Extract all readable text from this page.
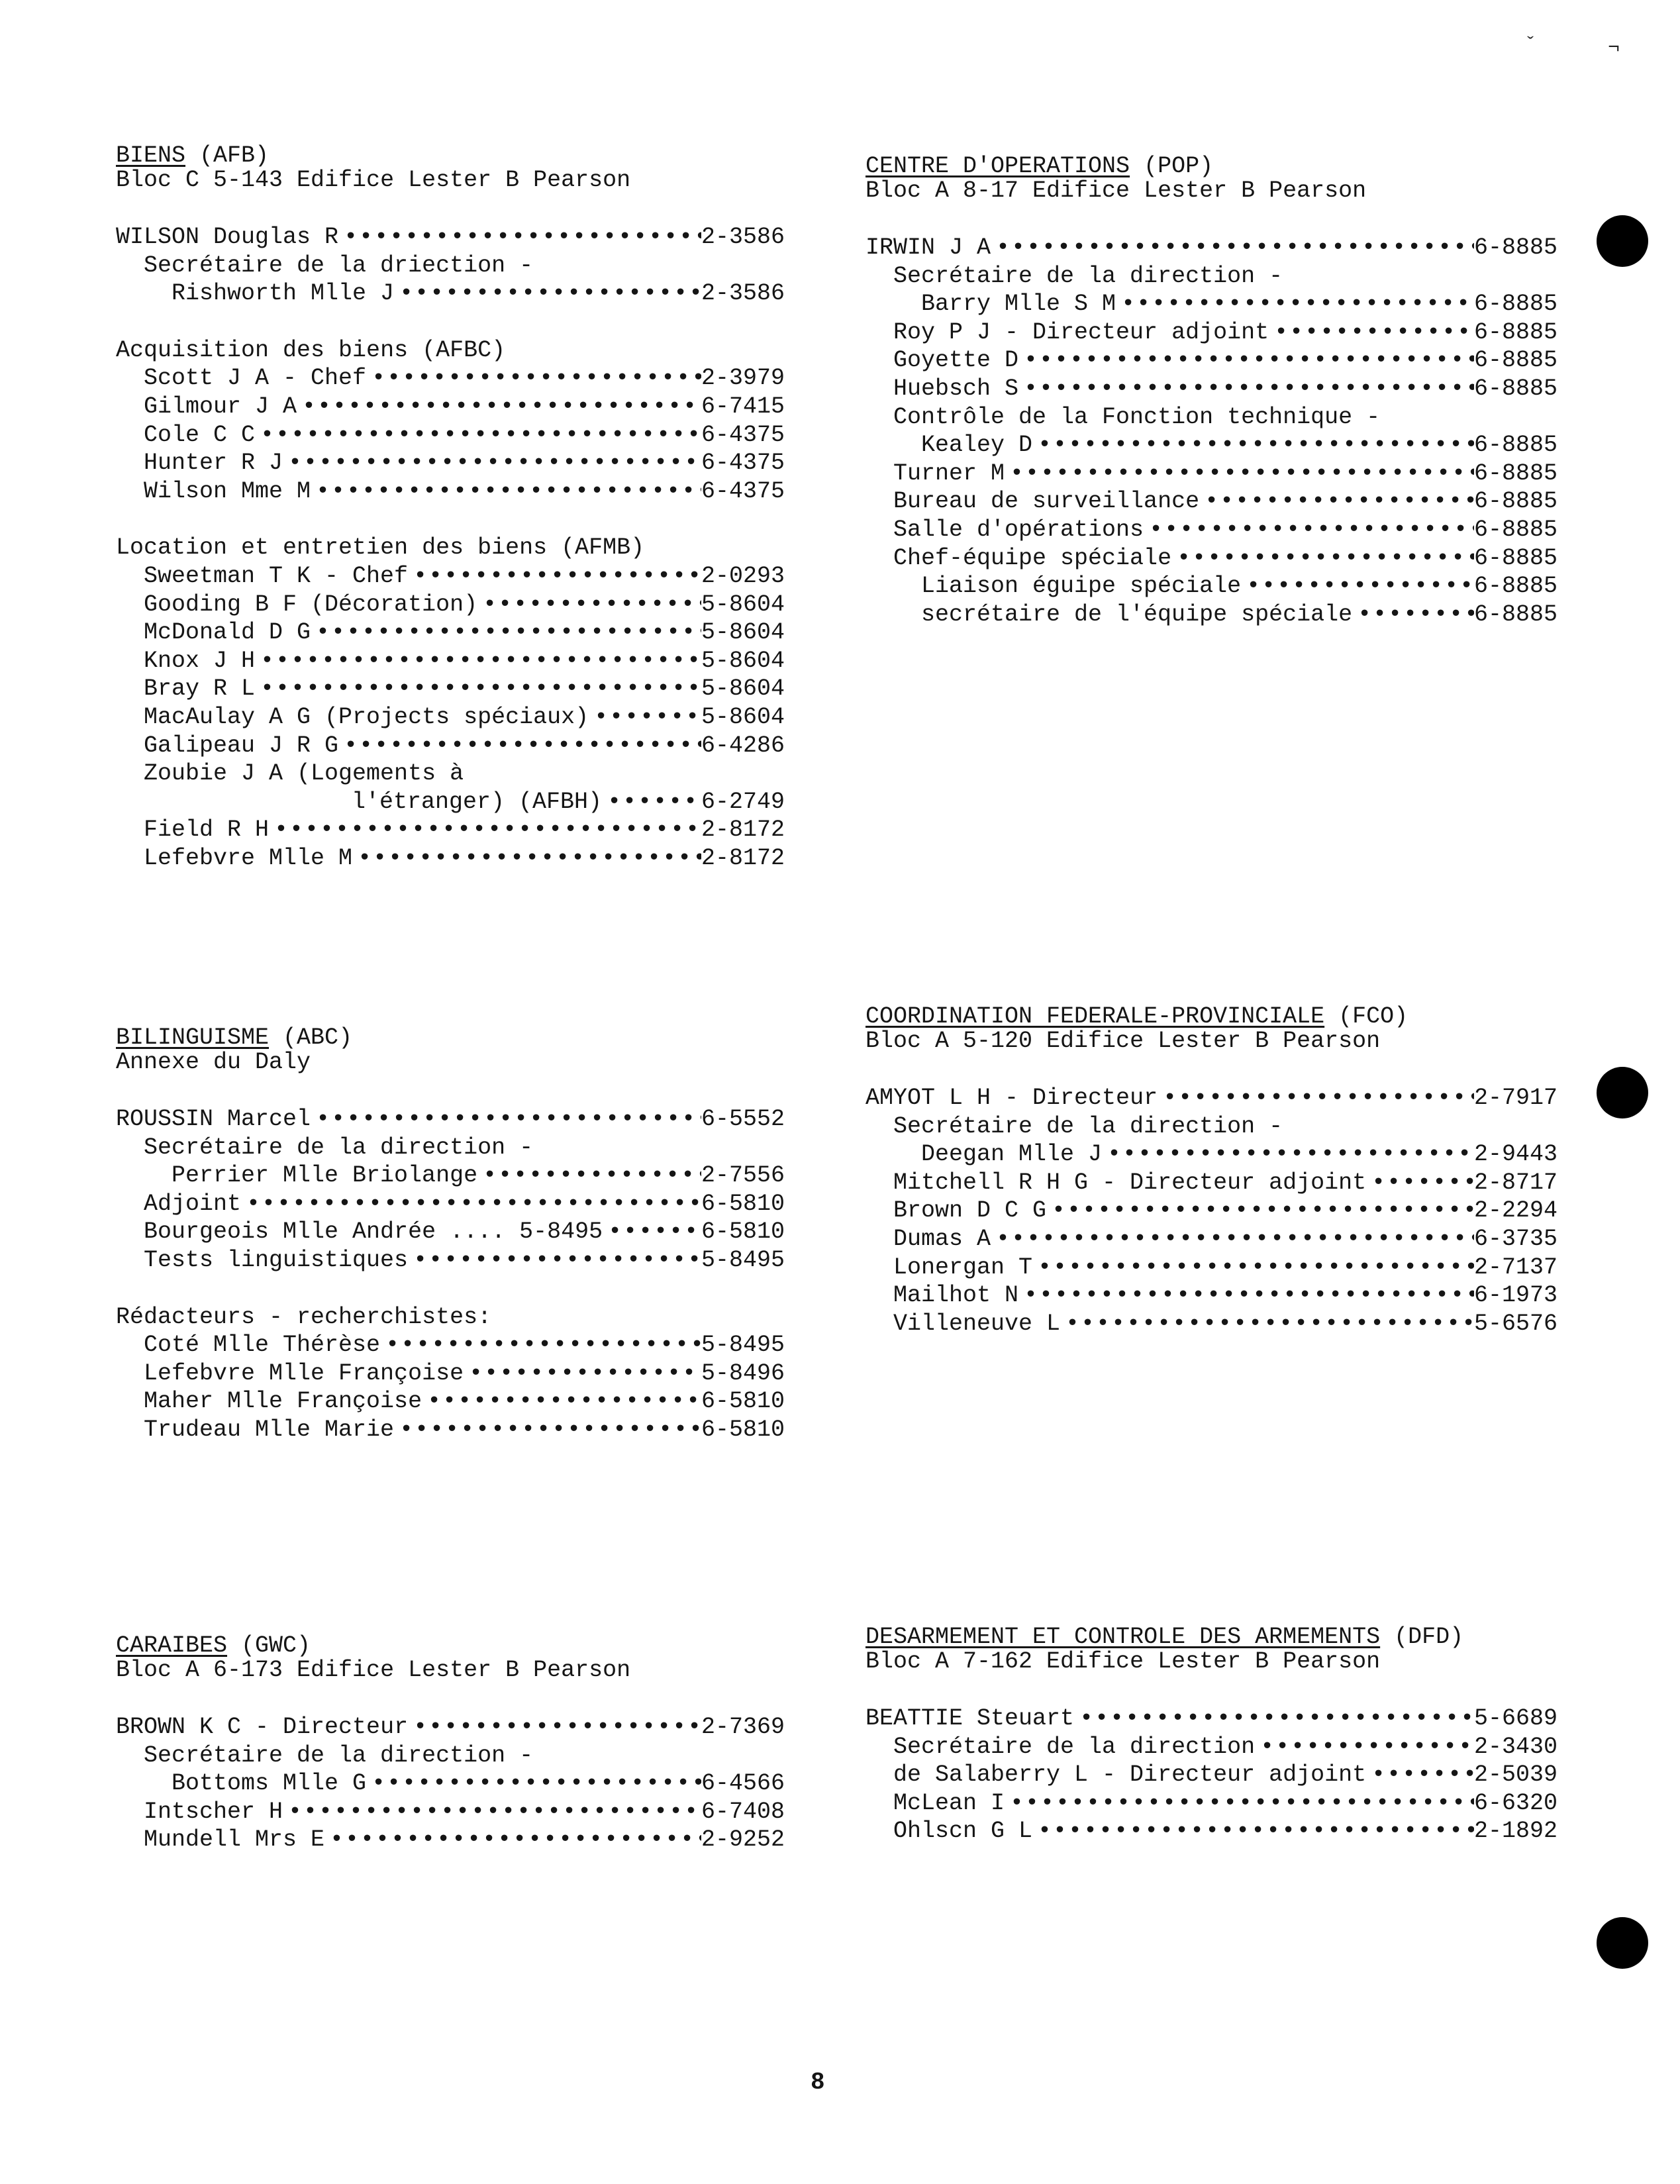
ˇ	¬
BIENS (AFB)
Bloc C 5-143 Edifice Lester B Pearson
WILSON Douglas R •••••	2-3586
Secrétaire de la driection -
Rishworth Mlle J •••••	2-3586
Acquisition des biens (AFBC)
Scott J A - Chef •••••	2-3979
Gilmour J A •••••	6-7415
Cole C C •••••	6-4375
Hunter R J •••••	6-4375
Wilson Mme M •••••	6-4375
Location et entretien des biens (AFMB)
Sweetman T K - Chef •••••	2-0293
Gooding B F (Décoration) •••••	5-8604
McDonald D G •••••	5-8604
Knox J H •••••	5-8604
Bray R L •••••	5-8604
MacAulay A G (Projects spéciaux) •••••	5-8604
Galipeau J R G •••••	6-4286
Zoubie J A (Logements à
l'étranger) (AFBH) •••••	6-2749
Field R H •••••	2-8172
Lefebvre Mlle M •••••	2-8172
CENTRE D'OPERATIONS (POP)
Bloc A 8-17 Edifice Lester B Pearson
IRWIN J A •••••	6-8885
Secrétaire de la direction -
Barry Mlle S M •••••	6-8885
Roy P J - Directeur adjoint •••••	6-8885
Goyette D •••••	6-8885
Huebsch S •••••	6-8885
Contrôle de la Fonction technique -
Kealey D •••••	6-8885
Turner M •••••	6-8885
Bureau de surveillance •••••	6-8885
Salle d'opérations •••••	6-8885
Chef-équipe spéciale •••••	6-8885
Liaison éguipe spéciale •••••	6-8885
secrétaire de l'équipe spéciale •••••	6-8885
BILINGUISME (ABC)
Annexe du Daly
ROUSSIN Marcel •••••	6-5552
Secrétaire de la direction -
Perrier Mlle Briolange •••••	2-7556
Adjoint •••••	6-5810
Bourgeois Mlle Andrée .... 5-8495 •••••	6-5810
Tests linguistiques •••••	5-8495
Rédacteurs - recherchistes:
Coté Mlle Thérèse •••••	5-8495
Lefebvre Mlle Françoise •••••	5-8496
Maher Mlle Françoise •••••	6-5810
Trudeau Mlle Marie •••••	6-5810
COORDINATION FEDERALE-PROVINCIALE (FCO)
Bloc A 5-120 Edifice Lester B Pearson
AMYOT L H - Directeur •••••	2-7917
Secrétaire de la direction -
Deegan Mlle J •••••	2-9443
Mitchell R H G - Directeur adjoint •••••	2-8717
Brown D C G •••••	2-2294
Dumas A •••••	6-3735
Lonergan T •••••	2-7137
Mailhot N •••••	6-1973
Villeneuve L •••••	5-6576
CARAIBES (GWC)
Bloc A 6-173 Edifice Lester B Pearson
BROWN K C - Directeur •••••	2-7369
Secrétaire de la direction -
Bottoms Mlle G •••••	6-4566
Intscher H •••••	6-7408
Mundell Mrs E •••••	2-9252
DESARMEMENT ET CONTROLE DES ARMEMENTS (DFD)
Bloc A 7-162 Edifice Lester B Pearson
BEATTIE Steuart •••••	5-6689
Secrétaire de la direction •••••	2-3430
de Salaberry L - Directeur adjoint •••••	2-5039
McLean I •••••	6-6320
Ohlscn G L •••••	2-1892
8
